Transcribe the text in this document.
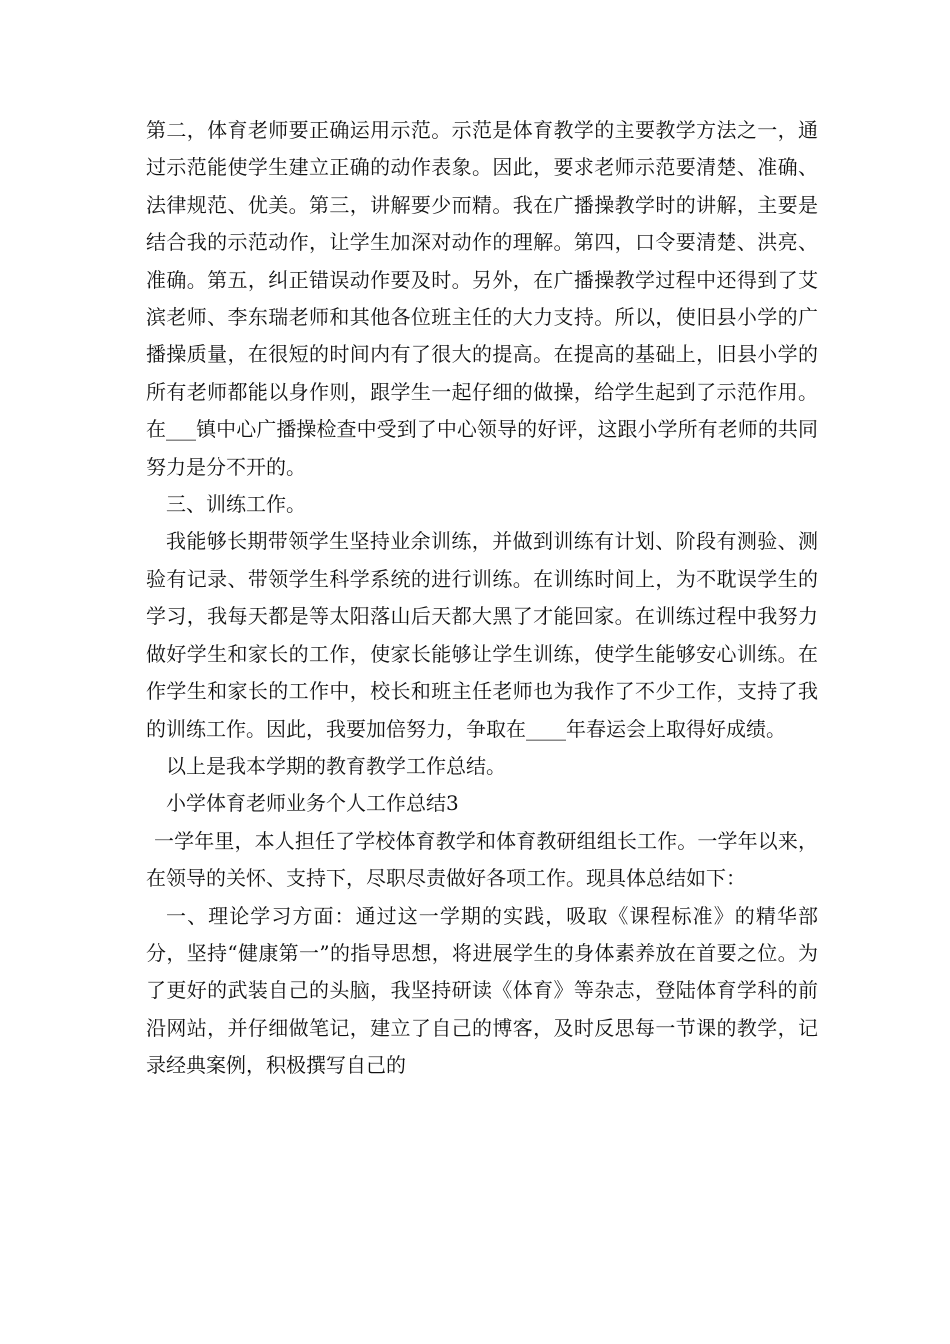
第二，体育老师要正确运用示范。示范是体育教学的主要教学方法之一，通过示范能使学生建立正确的动作表象。因此，要求老师示范要清楚、准确、法律规范、优美。第三，讲解要少而精。我在广播操教学时的讲解，主要是结合我的示范动作，让学生加深对动作的理解。第四，口令要清楚、洪亮、准确。第五，纠正错误动作要及时。另外，在广播操教学过程中还得到了艾滨老师、李东瑞老师和其他各位班主任的大力支持。所以，使旧县小学的广播操质量，在很短的时间内有了很大的提高。在提高的基础上，旧县小学的所有老师都能以身作则，跟学生一起仔细的做操，给学生起到了示范作用。在___镇中心广播操检查中受到了中心领导的好评，这跟小学所有老师的共同努力是分不开的。

三、训练工作。

我能够长期带领学生坚持业余训练，并做到训练有计划、阶段有测验、测验有记录、带领学生科学系统的进行训练。在训练时间上，为不耽误学生的学习，我每天都是等太阳落山后天都大黑了才能回家。在训练过程中我努力做好学生和家长的工作，使家长能够让学生训练，使学生能够安心训练。在作学生和家长的工作中，校长和班主任老师也为我作了不少工作，支持了我的训练工作。因此，我要加倍努力，争取在____年春运会上取得好成绩。

以上是我本学期的教育教学工作总结。

小学体育老师业务个人工作总结3

一学年里，本人担任了学校体育教学和体育教研组组长工作。一学年以来，在领导的关怀、支持下，尽职尽责做好各项工作。现具体总结如下：

一、理论学习方面：通过这一学期的实践，吸取《课程标准》的精华部分，坚持“健康第一”的指导思想，将进展学生的身体素养放在首要之位。为了更好的武装自己的头脑，我坚持研读《体育》等杂志，登陆体育学科的前沿网站，并仔细做笔记，建立了自己的博客，及时反思每一节课的教学，记录经典案例，积极撰写自己的
